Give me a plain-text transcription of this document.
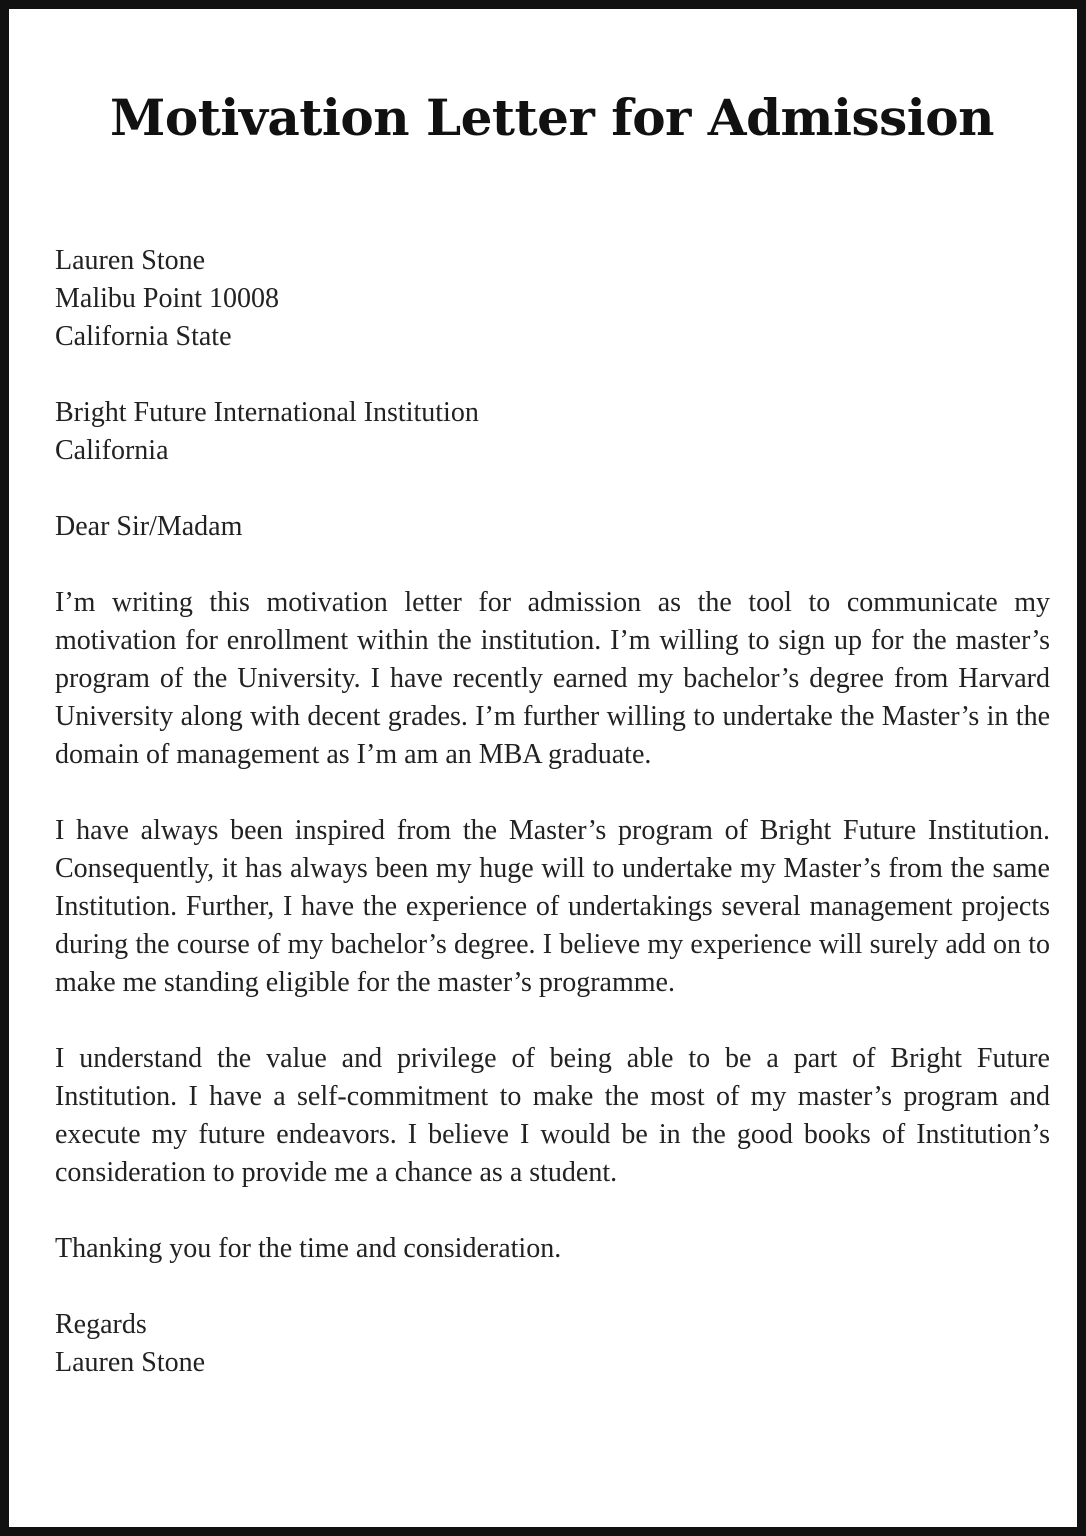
Motivation Letter for Admission
Lauren Stone
Malibu Point 10008
California State
Bright Future International Institution
California
Dear Sir/Madam

I’m writing this motivation letter for admission as the tool to communicate my motivation for enrollment within the institution. I’m willing to sign up for the master’s program of the University. I have recently earned my bachelor’s degree from Harvard University along with decent grades. I’m further willing to undertake the Master’s in the domain of management as I’m am an MBA graduate.

I have always been inspired from the Master’s program of Bright Future Institution. Consequently, it has always been my huge will to undertake my Master’s from the same Institution. Further, I have the experience of undertakings several management projects during the course of my bachelor’s degree. I believe my experience will surely add on to make me standing eligible for the master’s programme.

I understand the value and privilege of being able to be a part of Bright Future Institution. I have a self-commitment to make the most of my master’s program and execute my future endeavors. I believe I would be in the good books of Institution’s consideration to provide me a chance as a student.

Thanking you for the time and consideration.
Regards
Lauren Stone
